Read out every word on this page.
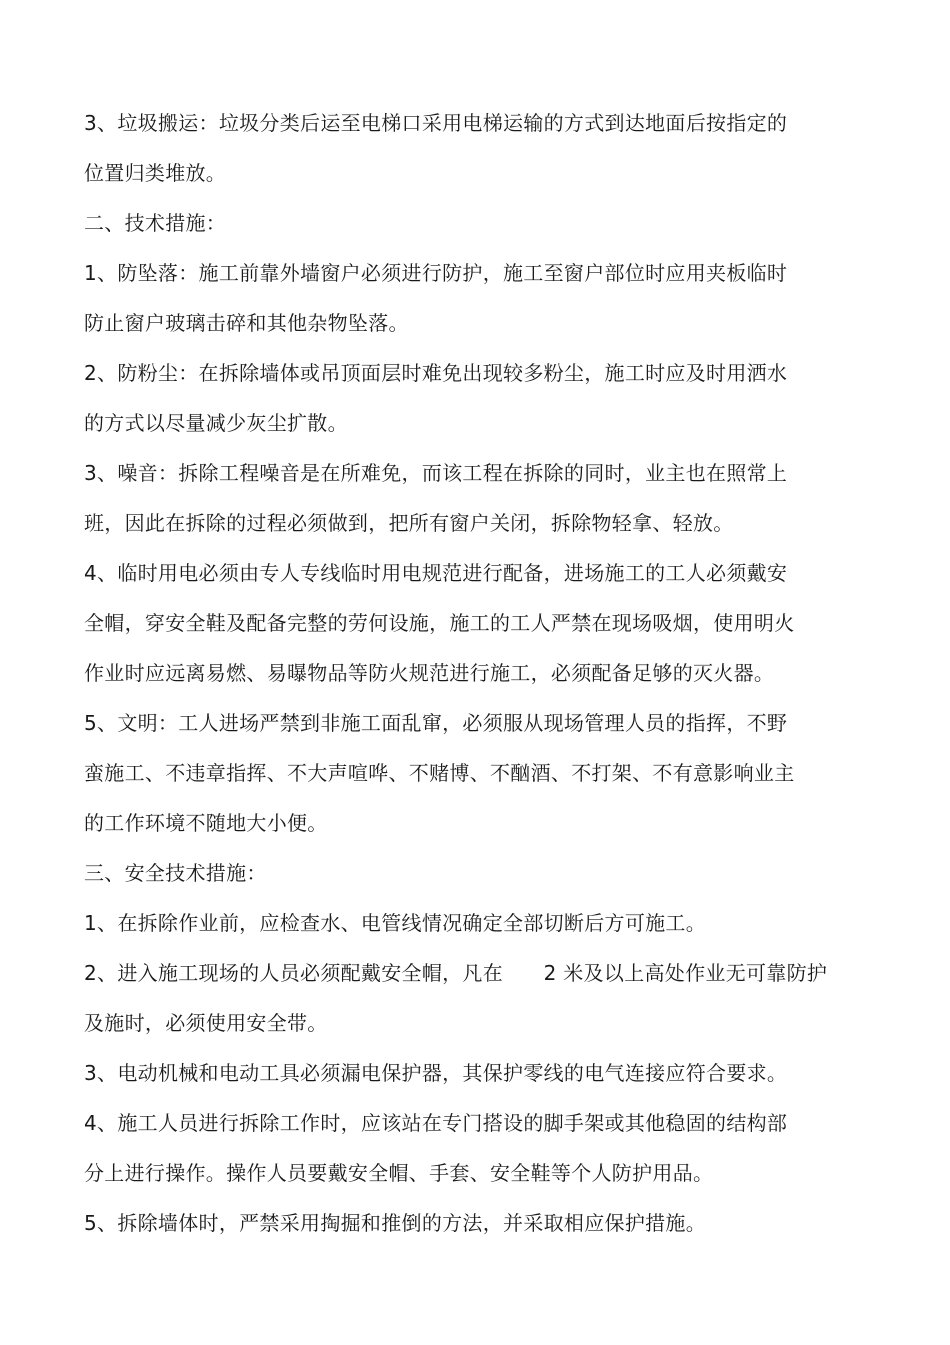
3、垃圾搬运：垃圾分类后运至电梯口采用电梯运输的方式到达地面后按指定的
位置归类堆放。
二、技术措施：
1、防坠落：施工前靠外墙窗户必须进行防护，施工至窗户部位时应用夹板临时
防止窗户玻璃击碎和其他杂物坠落。
2、防粉尘：在拆除墙体或吊顶面层时难免出现较多粉尘，施工时应及时用洒水
的方式以尽量减少灰尘扩散。
3、噪音：拆除工程噪音是在所难免，而该工程在拆除的同时，业主也在照常上
班，因此在拆除的过程必须做到，把所有窗户关闭，拆除物轻拿、轻放。
4、临时用电必须由专人专线临时用电规范进行配备，进场施工的工人必须戴安
全帽，穿安全鞋及配备完整的劳何设施，施工的工人严禁在现场吸烟，使用明火
作业时应远离易燃、易曝物品等防火规范进行施工，必须配备足够的灭火器。
5、文明：工人进场严禁到非施工面乱窜，必须服从现场管理人员的指挥，不野
蛮施工、不违章指挥、不大声喧哗、不赌博、不酗酒、不打架、不有意影响业主
的工作环境不随地大小便。
三、安全技术措施：
1、在拆除作业前，应检查水、电管线情况确定全部切断后方可施工。
2、进入施工现场的人员必须配戴安全帽，凡在　　2 米及以上高处作业无可靠防护
及施时，必须使用安全带。
3、电动机械和电动工具必须漏电保护器，其保护零线的电气连接应符合要求。
4、施工人员进行拆除工作时，应该站在专门搭设的脚手架或其他稳固的结构部
分上进行操作。操作人员要戴安全帽、手套、安全鞋等个人防护用品。
5、拆除墙体时，严禁采用掏掘和推倒的方法，并采取相应保护措施。
